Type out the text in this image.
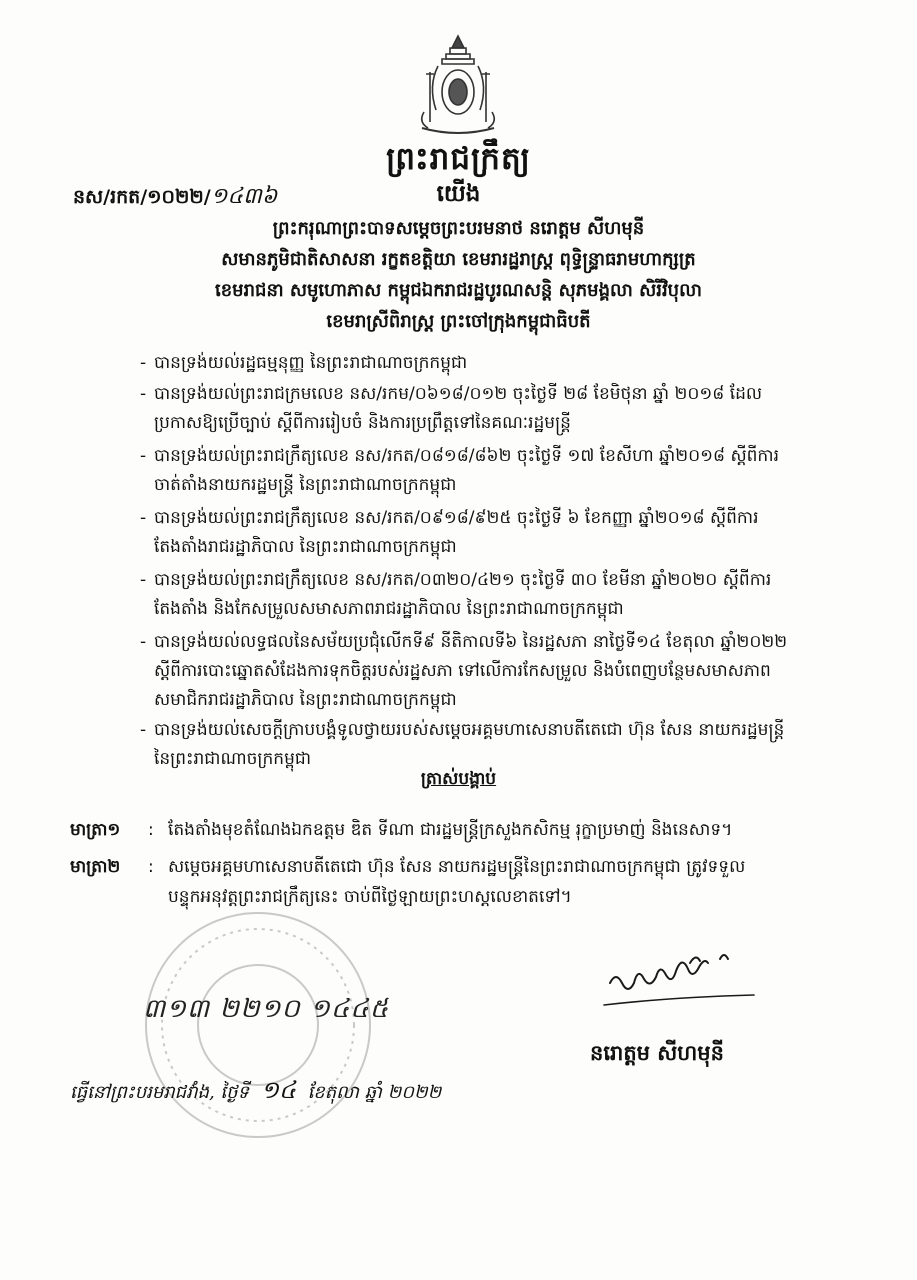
ព្រះរាជក្រឹត្យ
នស/រកត/១០២២/១៤៣៦	យើង
ព្រះករុណាព្រះបាទសម្ដេចព្រះបរមនាថ នរោត្ដម សីហមុនី
សមានភូមិជាតិសាសនា រក្ខតខត្តិយា ខេមរារដ្ឋរាស្ត្រ ពុទ្ធិន្ទ្រាធរាមហាក្សត្រ
ខេមរាជនា សមូហោភាស កម្ពុជឯករាជរដ្ឋបូរណសន្តិ សុភមង្គលា សិរីវិបុលា
ខេមរាស្រីពិរាស្ត្រ ព្រះចៅក្រុងកម្ពុជាធិបតី
- បានទ្រង់យល់រដ្ឋធម្មនុញ្ញ នៃព្រះរាជាណាចក្រកម្ពុជា
- បានទ្រង់យល់ព្រះរាជក្រមលេខ នស/រកម/០៦១៨/០១២ ចុះថ្ងៃទី ២៨ ខែមិថុនា ឆ្នាំ ២០១៨ ដែល
ប្រកាសឱ្យប្រើច្បាប់ ស្ដីពីការរៀបចំ និងការប្រព្រឹត្តទៅនៃគណៈរដ្ឋមន្ត្រី
- បានទ្រង់យល់ព្រះរាជក្រឹត្យលេខ នស/រកត/០៨១៨/៨៦២ ចុះថ្ងៃទី ១៧ ខែសីហា ឆ្នាំ២០១៨ ស្ដីពីការ
ចាត់តាំងនាយករដ្ឋមន្ត្រី នៃព្រះរាជាណាចក្រកម្ពុជា
- បានទ្រង់យល់ព្រះរាជក្រឹត្យលេខ នស/រកត/០៩១៨/៩២៥ ចុះថ្ងៃទី ៦ ខែកញ្ញា ឆ្នាំ២០១៨ ស្ដីពីការ
តែងតាំងរាជរដ្ឋាភិបាល នៃព្រះរាជាណាចក្រកម្ពុជា
- បានទ្រង់យល់ព្រះរាជក្រឹត្យលេខ នស/រកត/០៣២០/៤២១ ចុះថ្ងៃទី ៣០ ខែមីនា ឆ្នាំ២០២០ ស្ដីពីការ
តែងតាំង និងកែសម្រួលសមាសភាពរាជរដ្ឋាភិបាល នៃព្រះរាជាណាចក្រកម្ពុជា
- បានទ្រង់យល់លទ្ធផលនៃសម័យប្រជុំលើកទី៩ នីតិកាលទី៦ នៃរដ្ឋសភា នាថ្ងៃទី១៤ ខែតុលា ឆ្នាំ២០២២
ស្ដីពីការបោះឆ្នោតសំដែងការទុកចិត្តរបស់រដ្ឋសភា ទៅលើការកែសម្រួល និងបំពេញបន្ថែមសមាសភាព សមាជិករាជរដ្ឋាភិបាល នៃព្រះរាជាណាចក្រកម្ពុជា
- បានទ្រង់យល់សេចក្ដីក្រាបបង្គំទូលថ្វាយរបស់សម្ដេចអគ្គមហាសេនាបតីតេជោ ហ៊ុន សែន នាយករដ្ឋមន្ត្រី
នៃព្រះរាជាណាចក្រកម្ពុជា
ត្រាស់បង្គាប់
មាត្រា១ : តែងតាំងមុខតំណែងឯកឧត្តម ឌិត ទីណា ជារដ្ឋមន្ត្រីក្រសួងកសិកម្ម រុក្ខាប្រមាញ់ និងនេសាទ។
មាត្រា២ : សម្ដេចអគ្គមហាសេនាបតីតេជោ ហ៊ុន សែន នាយករដ្ឋមន្ត្រីនៃព្រះរាជាណាចក្រកម្ពុជា ត្រូវទទួល
បន្ទុកអនុវត្តព្រះរាជក្រឹត្យនេះ ចាប់ពីថ្ងៃឡាយព្រះហស្ដលេខាតទៅ។
៣១៣ ២២១០ ១៤៤៥
នរោត្ដម សីហមុនី
ធ្វើនៅព្រះបរមរាជវាំង, ថ្ងៃទី ១៤ ខែតុលា ឆ្នាំ ២០២២
